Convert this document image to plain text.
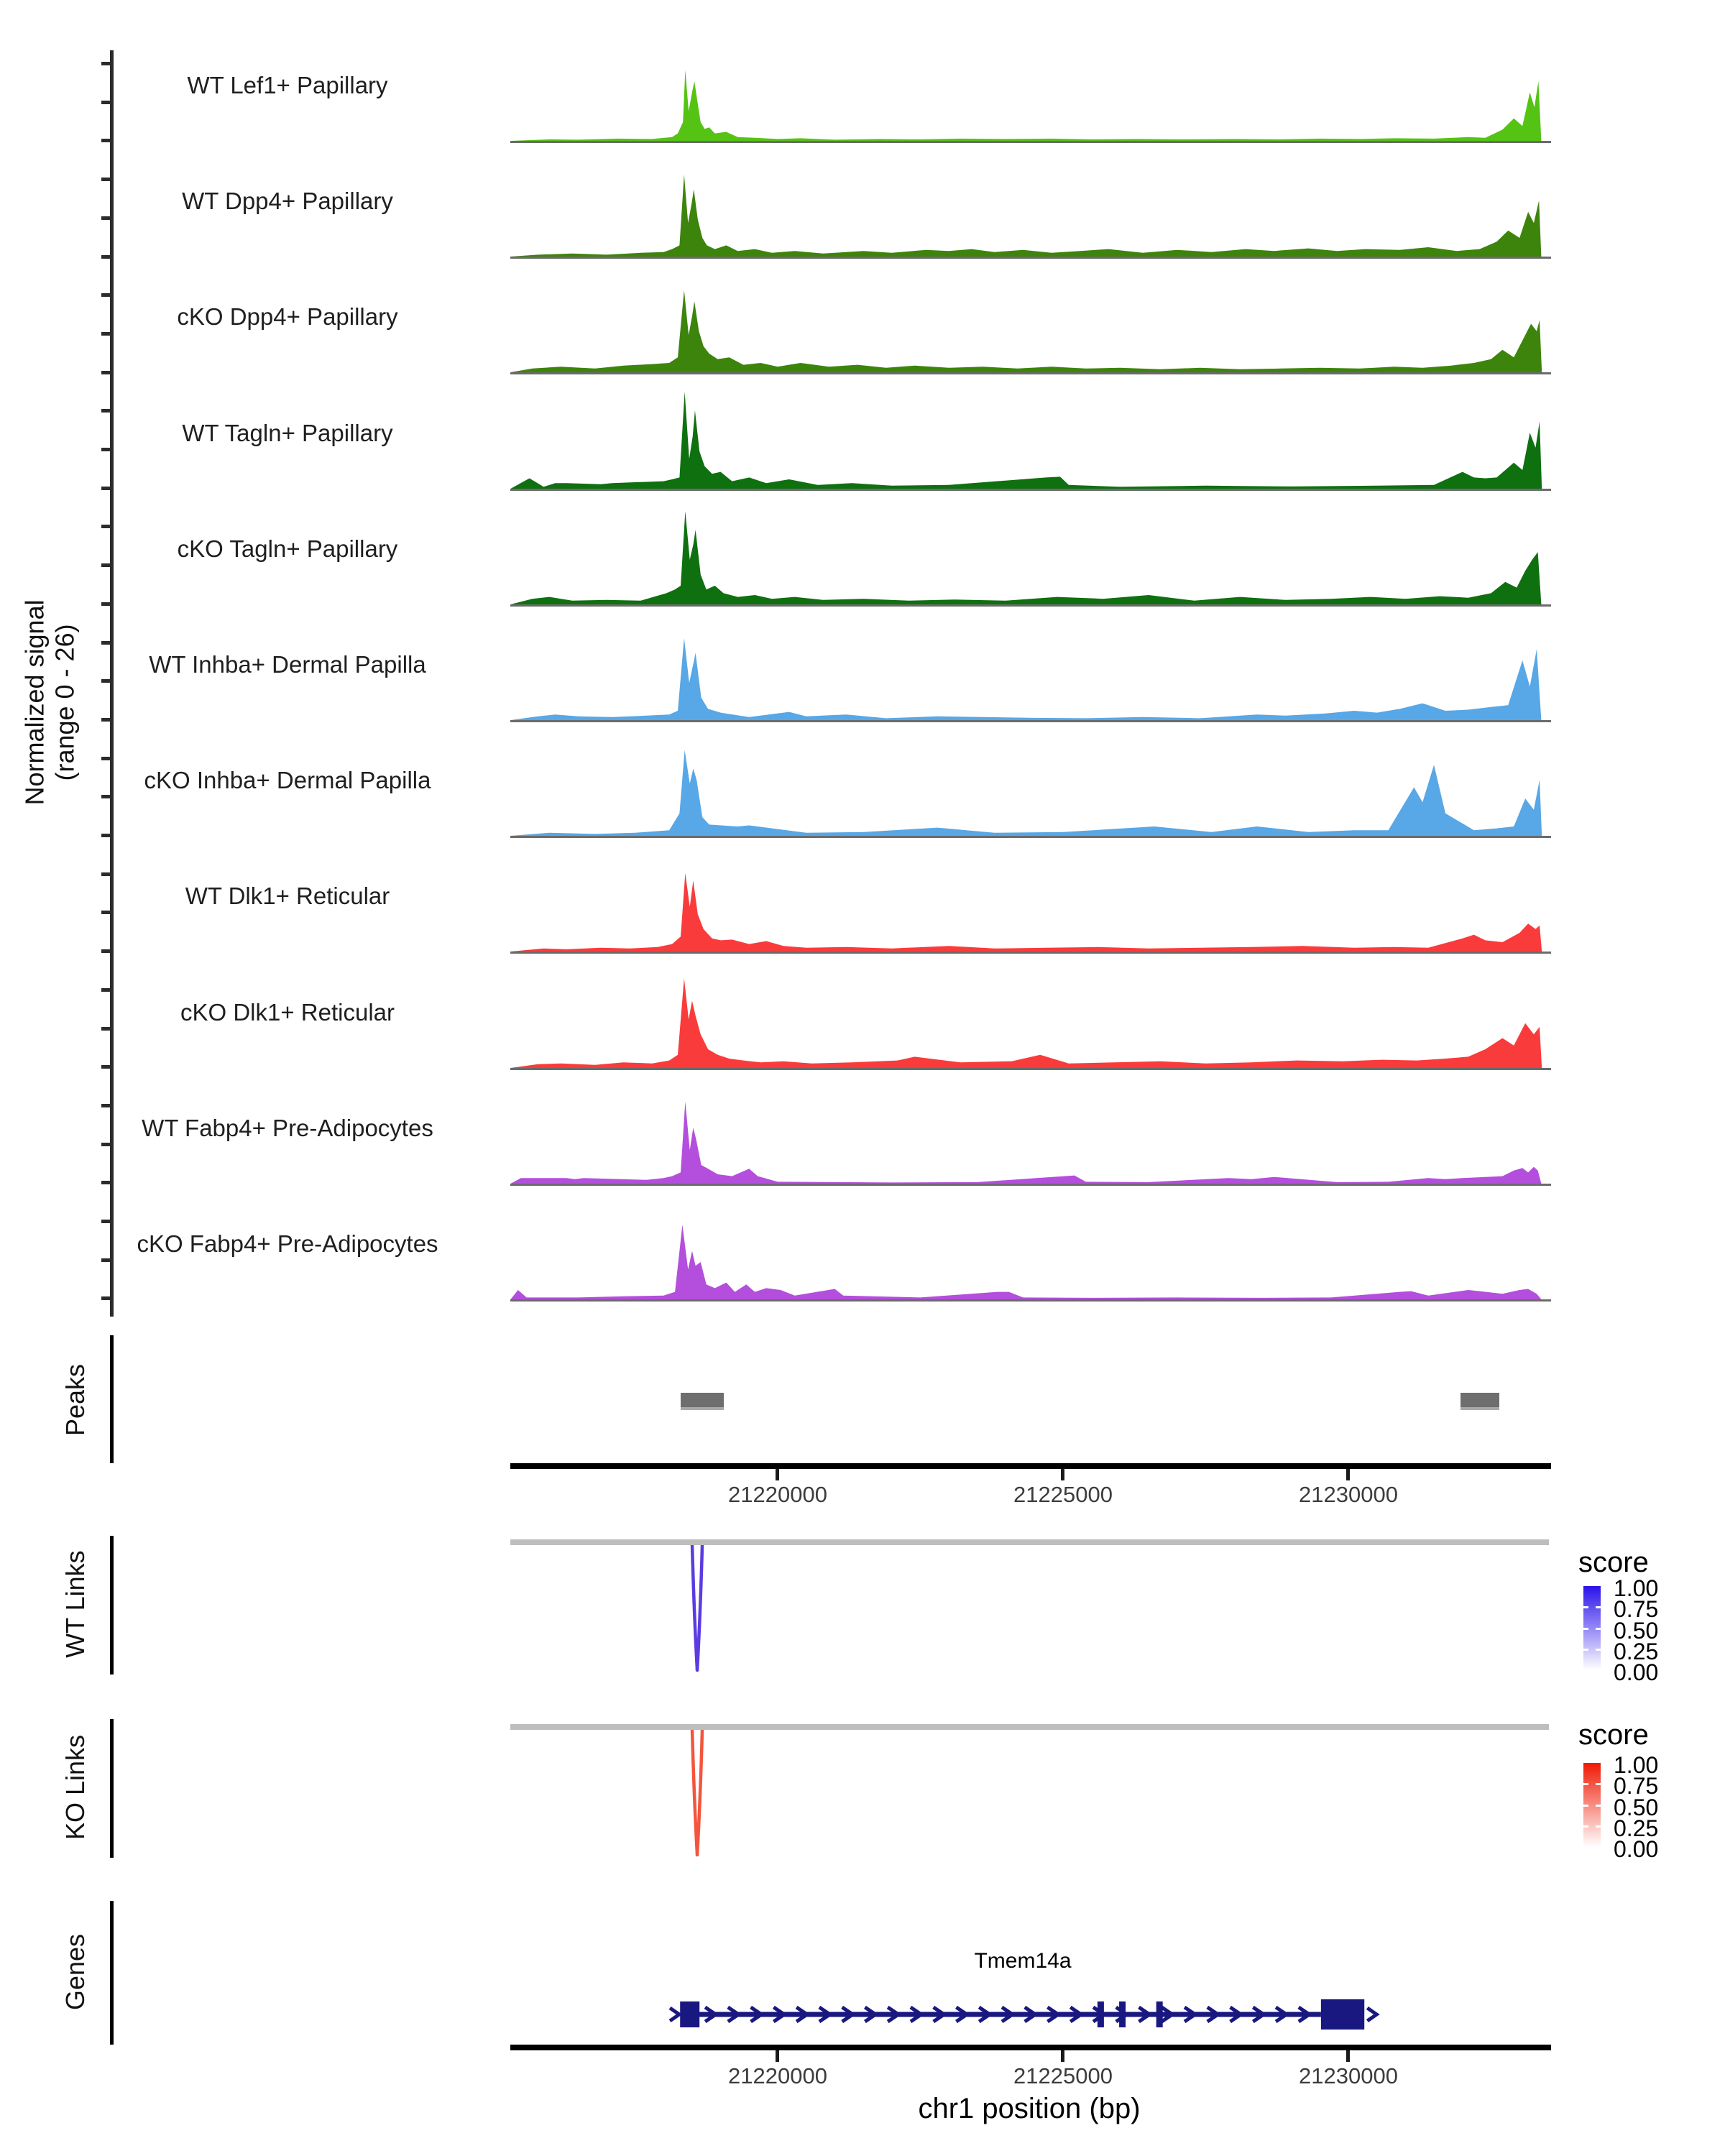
Normalized signal (range 0 - 26)
Peaks
WT Links
KO Links
Genes	Tmem14a
chr1 position (bp)
score
score
WT Lef1+ Papillary
WT Dpp4+ Papillary
cKO Dpp4+ Papillary
WT Tagln+ Papillary
cKO Tagln+ Papillary
WT Inhba+ Dermal Papilla
cKO Inhba+ Dermal Papilla
WT Dlk1+ Reticular
cKO Dlk1+ Reticular
WT Fabp4+ Pre-Adipocytes
cKO Fabp4+ Pre-Adipocytes
21220000	21225000	21230000
21220000	21225000	21230000
1.00
0.75
0.50
0.25
0.00
1.00
0.75
0.50
0.25
0.00
